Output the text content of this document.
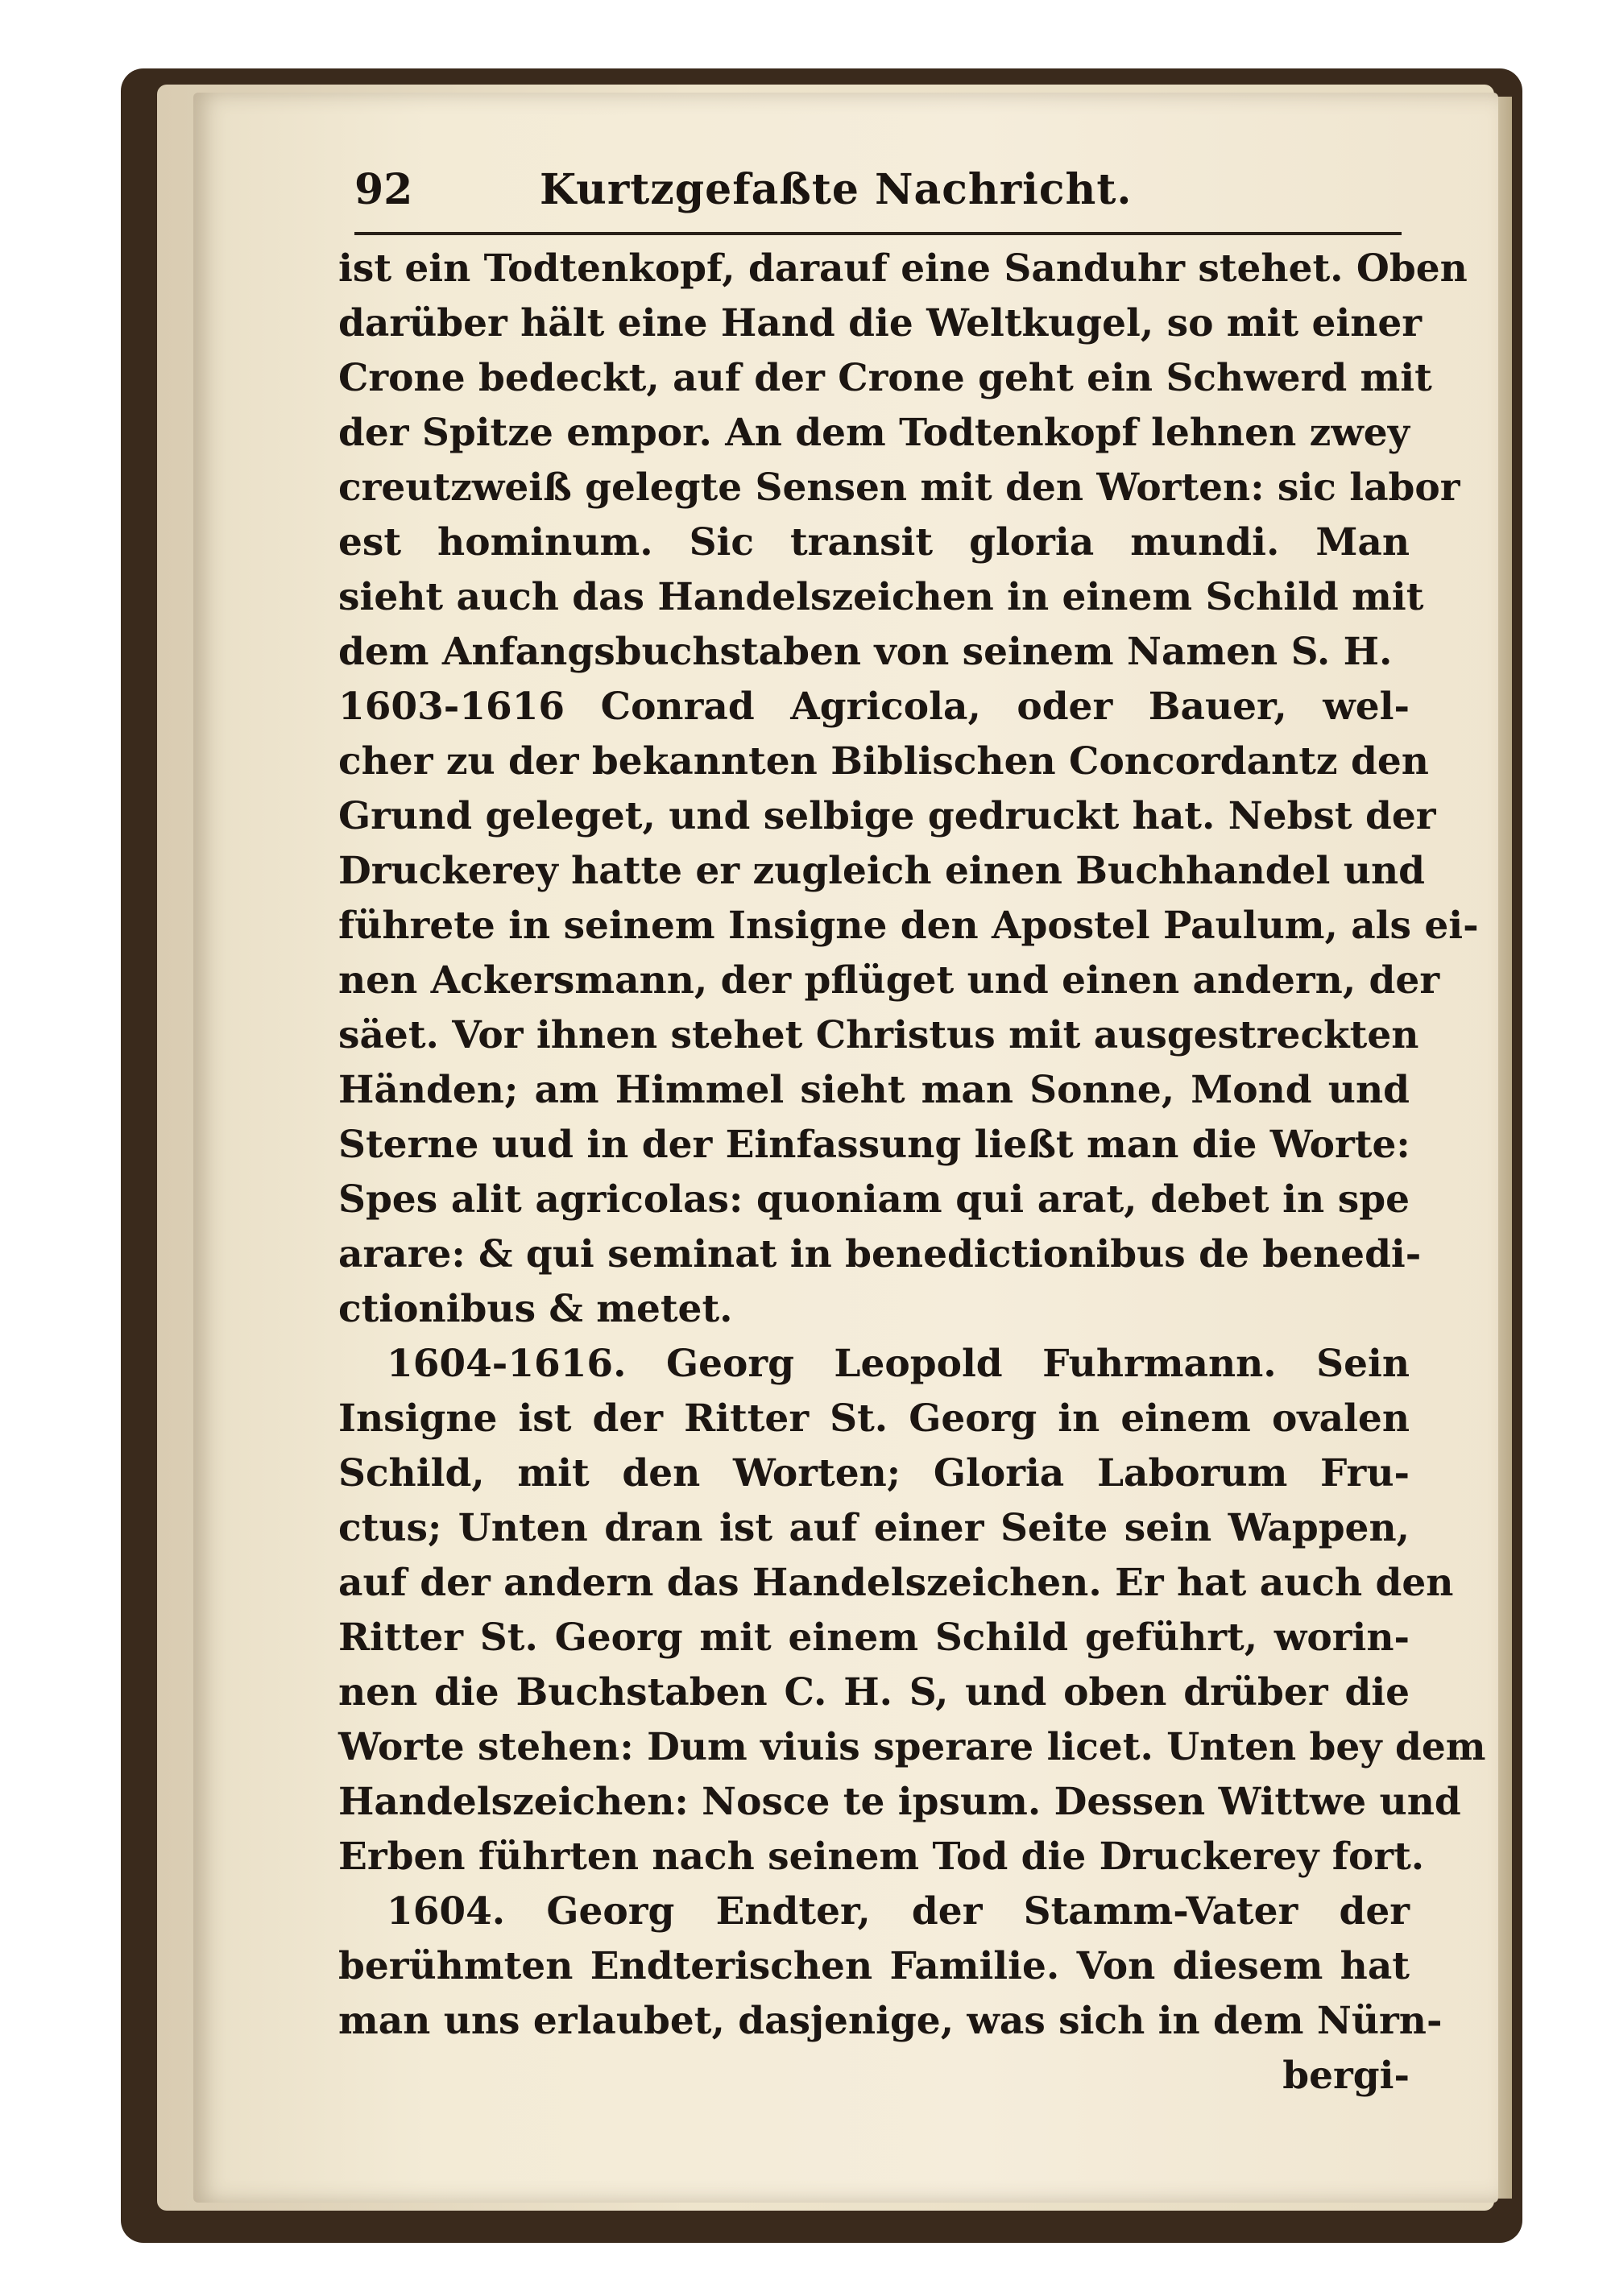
92	Kurtzgefaßte Nachricht.
ist ein Todtenkopf, darauf eine Sanduhr stehet. Oben
darüber hält eine Hand die Weltkugel, so mit einer
Crone bedeckt, auf der Crone geht ein Schwerd mit
der Spitze empor. An dem Todtenkopf lehnen zwey
creutzweiß gelegte Sensen mit den Worten: sic labor
est hominum. Sic transit gloria mundi. Man
sieht auch das Handelszeichen in einem Schild mit
dem Anfangsbuchstaben von seinem Namen S. H.
1603-1616 Conrad Agricola, oder Bauer, wel-
cher zu der bekannten Biblischen Concordantz den
Grund geleget, und selbige gedruckt hat. Nebst der
Druckerey hatte er zugleich einen Buchhandel und
führete in seinem Insigne den Apostel Paulum, als ei-
nen Ackersmann, der pflüget und einen andern, der
säet. Vor ihnen stehet Christus mit ausgestreckten
Händen; am Himmel sieht man Sonne, Mond und
Sterne uud in der Einfassung ließt man die Worte:
Spes alit agricolas: quoniam qui arat, debet in spe
arare: & qui seminat in benedictionibus de benedi-
ctionibus & metet.
1604-1616. Georg Leopold Fuhrmann. Sein
Insigne ist der Ritter St. Georg in einem ovalen
Schild, mit den Worten; Gloria Laborum Fru-
ctus; Unten dran ist auf einer Seite sein Wappen,
auf der andern das Handelszeichen. Er hat auch den
Ritter St. Georg mit einem Schild geführt, worin-
nen die Buchstaben C. H. S, und oben drüber die
Worte stehen: Dum viuis sperare licet. Unten bey dem
Handelszeichen: Nosce te ipsum. Dessen Wittwe und
Erben führten nach seinem Tod die Druckerey fort.
1604. Georg Endter, der Stamm-Vater der
berühmten Endterischen Familie. Von diesem hat
man uns erlaubet, dasjenige, was sich in dem Nürn-
bergi-
